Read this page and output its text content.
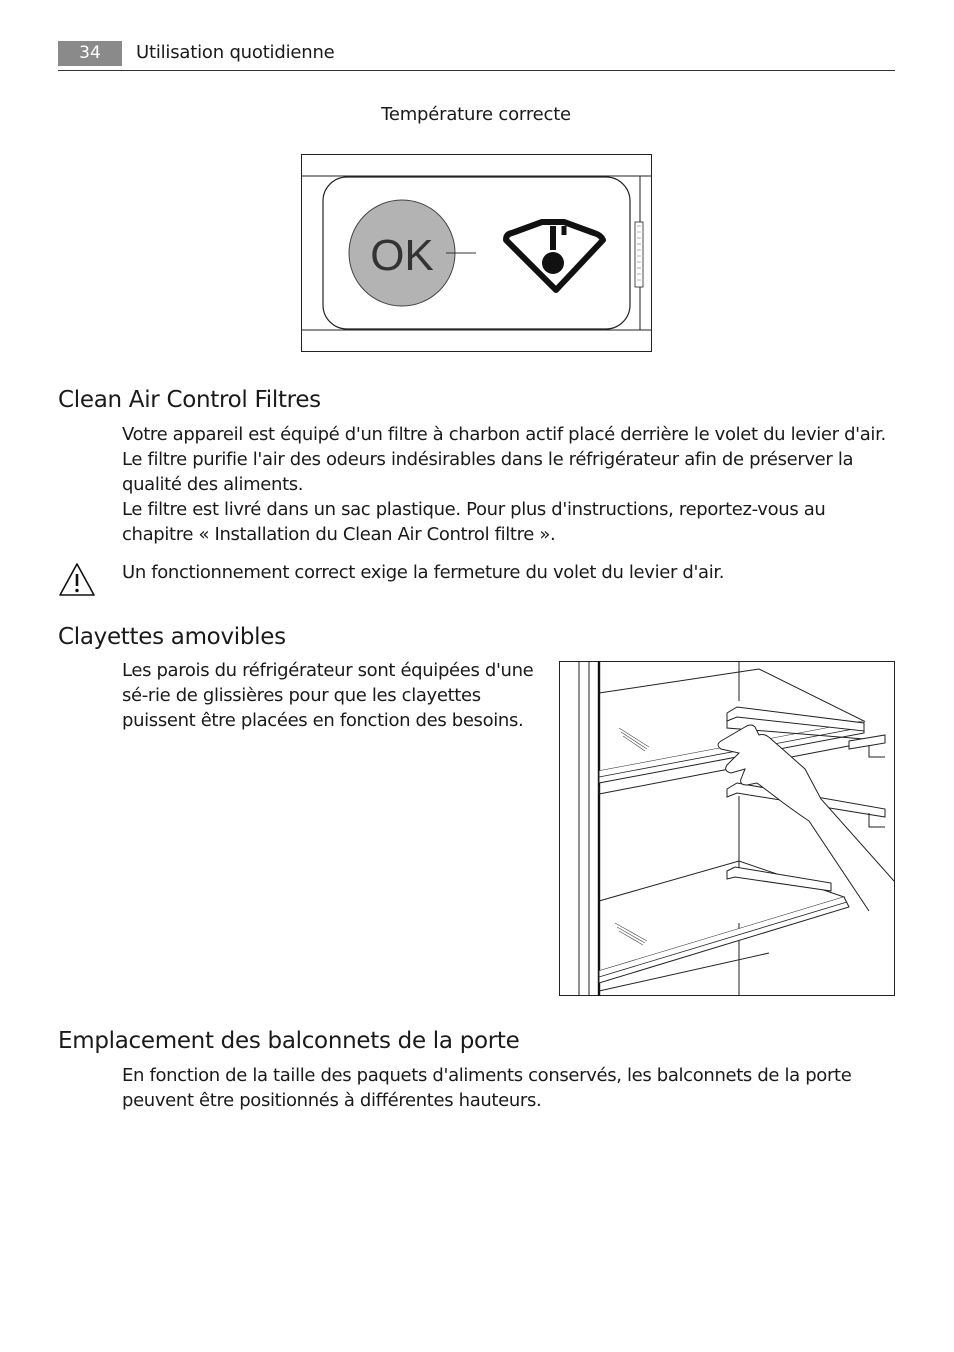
34	Utilisation quotidienne
Température correcte
OK
Clean Air Control Filtres

Votre appareil est équipé d'un filtre à charbon actif placé derrière le volet du levier d'air.

Le filtre purifie l'air des odeurs indésirables dans le réfrigérateur afin de préserver la qualité des aliments.

Le filtre est livré dans un sac plastique. Pour plus d'instructions, reportez-vous au chapitre « Installation du Clean Air Control filtre ».

Un fonctionnement correct exige la fermeture du volet du levier d'air.
Clayettes amovibles
Les parois du réfrigérateur sont équipées d'une sé-rie de glissières pour que les clayettes puissent être placées en fonction des besoins.
Emplacement des balconnets de la porte
En fonction de la taille des paquets d'aliments conservés, les balconnets de la porte peuvent être positionnés à différentes hauteurs.
